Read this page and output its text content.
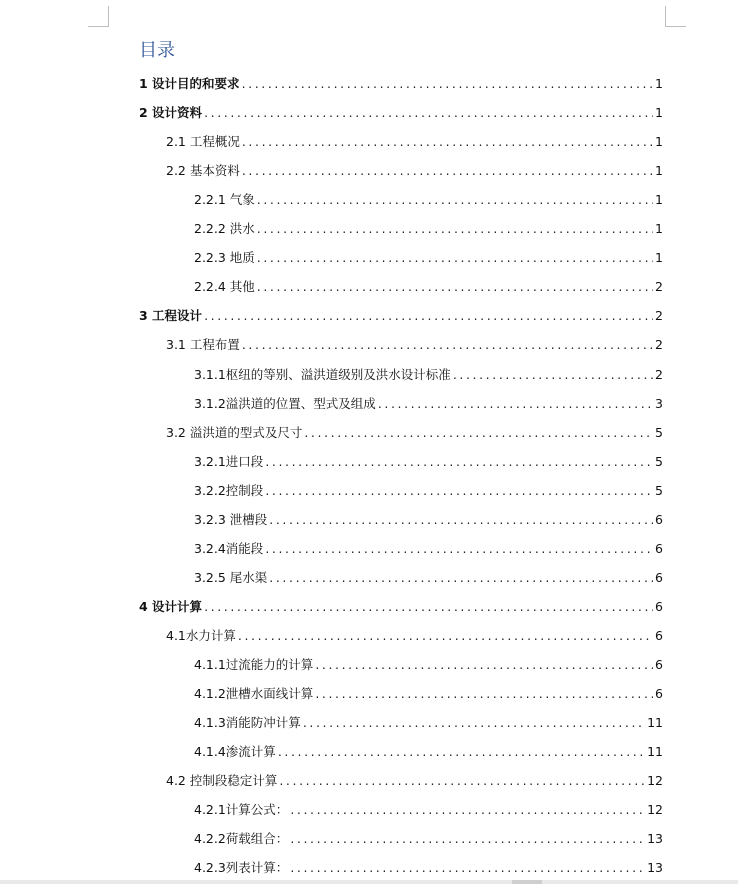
目录
1 设计目的和要求 .....	1
2 设计资料 .....	1
2.1 工程概况 .....	1
2.2 基本资料 .....	1
2.2.1 气象 .....	1
2.2.2 洪水 .....	1
2.2.3 地质 .....	1
2.2.4 其他 .....	2
3 工程设计 .....	2
3.1 工程布置 .....	2
3.1.1枢纽的等别、溢洪道级别及洪水设计标准 .....	2
3.1.2溢洪道的位置、型式及组成 .....	3
3.2 溢洪道的型式及尺寸 .....	5
3.2.1进口段 .....	5
3.2.2控制段 .....	5
3.2.3 泄槽段 .....	6
3.2.4消能段 .....	6
3.2.5 尾水渠 .....	6
4 设计计算 .....	6
4.1水力计算 .....	6
4.1.1过流能力的计算 .....	6
4.1.2泄槽水面线计算 .....	6
4.1.3消能防冲计算 .....	11
4.1.4渗流计算 .....	11
4.2 控制段稳定计算 .....	12
4.2.1计算公式： .....	12
4.2.2荷载组合： .....	13
4.2.3列表计算： .....	13
